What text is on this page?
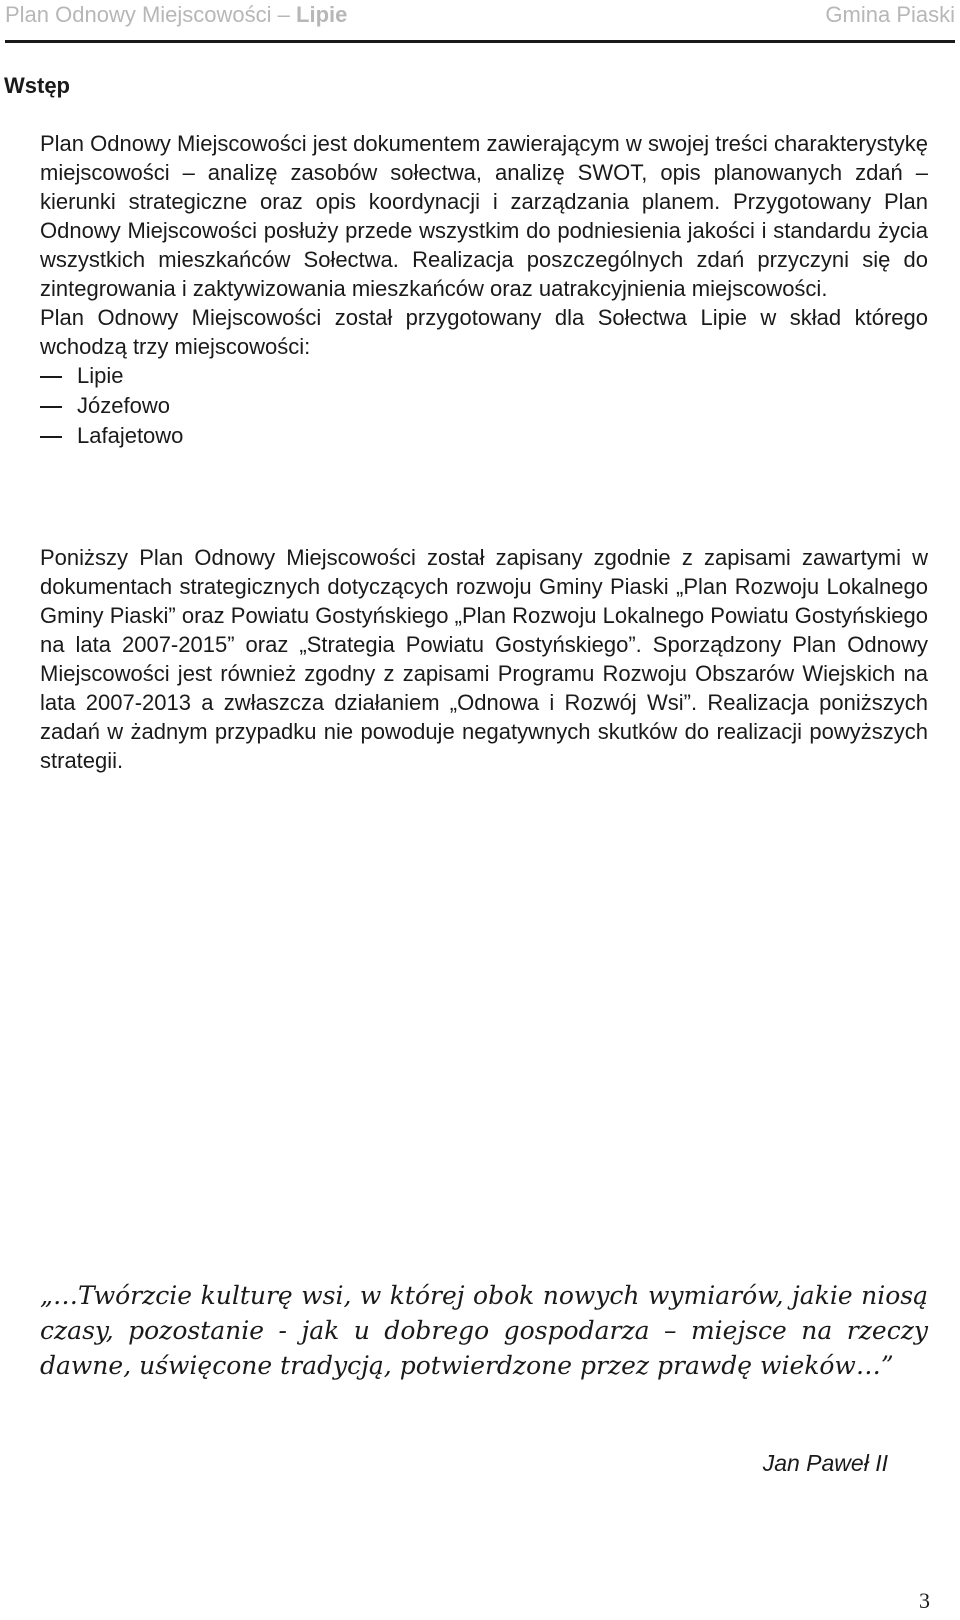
Plan Odnowy Miejscowości – Lipie	Gmina Piaski
Wstęp

Plan Odnowy Miejscowości jest dokumentem zawierającym w swojej treści charakterystykę miejscowości – analizę zasobów sołectwa, analizę SWOT, opis planowanych zdań – kierunki strategiczne oraz opis koordynacji i zarządzania planem. Przygotowany Plan Odnowy Miejscowości posłuży przede wszystkim do podniesienia jakości i standardu życia wszystkich mieszkańców Sołectwa. Realizacja poszczególnych zdań przyczyni się do zintegrowania i zaktywizowania mieszkańców oraz uatrakcyjnienia miejscowości.

Plan Odnowy Miejscowości został przygotowany dla Sołectwa Lipie w skład którego wchodzą trzy miejscowości:

Lipie
Józefowo
Lafajetowo

Poniższy Plan Odnowy Miejscowości został zapisany zgodnie z zapisami zawartymi w dokumentach strategicznych dotyczących rozwoju Gminy Piaski „Plan Rozwoju Lokalnego Gminy Piaski” oraz Powiatu Gostyńskiego „Plan Rozwoju Lokalnego Powiatu Gostyńskiego na lata 2007-2015” oraz „Strategia Powiatu Gostyńskiego”. Sporządzony Plan Odnowy Miejscowości jest również zgodny z zapisami Programu Rozwoju Obszarów Wiejskich na lata 2007-2013 a zwłaszcza działaniem „Odnowa i Rozwój Wsi”. Realizacja poniższych zadań w żadnym przypadku nie powoduje negatywnych skutków do realizacji powyższych strategii.

„…Twórzcie kulturę wsi, w której obok nowych wymiarów, jakie niosą czasy, pozostanie - jak u dobrego gospodarza – miejsce na rzeczy dawne, uświęcone tradycją, potwierdzone przez prawdę wieków…”

Jan Paweł II
3
